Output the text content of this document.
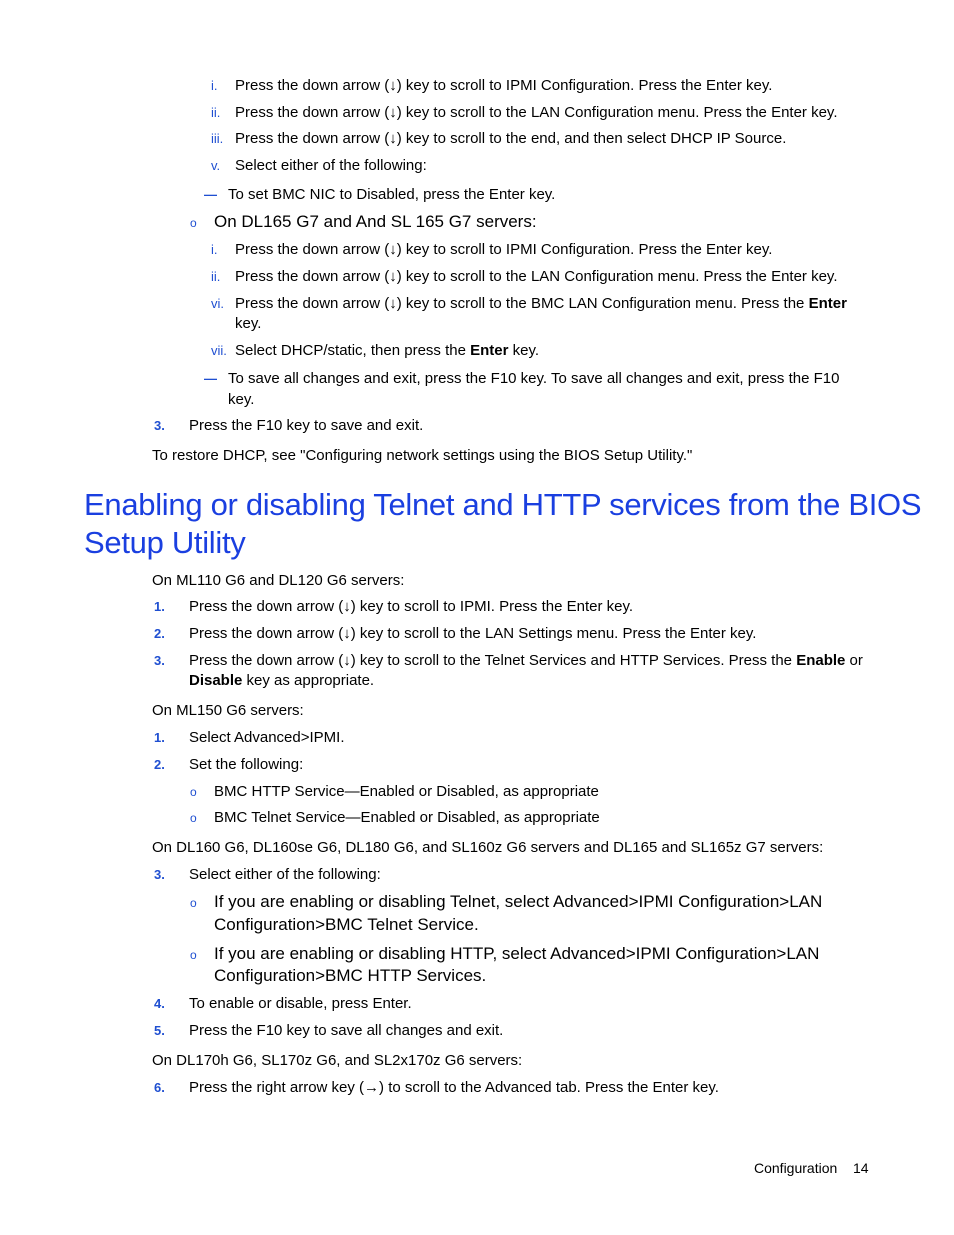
i. Press the down arrow (↓) key to scroll to IPMI Configuration. Press the Enter key.
ii. Press the down arrow (↓) key to scroll to the LAN Configuration menu. Press the Enter key.
iii. Press the down arrow (↓) key to scroll to the end, and then select DHCP IP Source.
v. Select either of the following:
— To set BMC NIC to Disabled, press the Enter key.
o On DL165 G7 and And SL 165 G7 servers:
i. Press the down arrow (↓) key to scroll to IPMI Configuration. Press the Enter key.
ii. Press the down arrow (↓) key to scroll to the LAN Configuration menu. Press the Enter key.
vi. Press the down arrow (↓) key to scroll to the BMC LAN Configuration menu. Press the Enter
key.
vii. Select DHCP/static, then press the Enter key.
— To save all changes and exit, press the F10 key. To save all changes and exit, press the F10
key.
3. Press the F10 key to save and exit.
To restore DHCP, see "Configuring network settings using the BIOS Setup Utility."
Enabling or disabling Telnet and HTTP services from the BIOS
Setup Utility
On ML110 G6 and DL120 G6 servers:
1. Press the down arrow (↓) key to scroll to IPMI. Press the Enter key.
2. Press the down arrow (↓) key to scroll to the LAN Settings menu. Press the Enter key.
3. Press the down arrow (↓) key to scroll to the Telnet Services and HTTP Services. Press the Enable or
Disable key as appropriate.
On ML150 G6 servers:
1. Select Advanced>IPMI.
2. Set the following:
o BMC HTTP Service—Enabled or Disabled, as appropriate
o BMC Telnet Service—Enabled or Disabled, as appropriate
On DL160 G6, DL160se G6, DL180 G6, and SL160z G6 servers and DL165 and SL165z G7 servers:
3. Select either of the following:
o If you are enabling or disabling Telnet, select Advanced>IPMI Configuration>LAN
Configuration>BMC Telnet Service.
o If you are enabling or disabling HTTP, select Advanced>IPMI Configuration>LAN
Configuration>BMC HTTP Services.
4. To enable or disable, press Enter.
5. Press the F10 key to save all changes and exit.
On DL170h G6, SL170z G6, and SL2x170z G6 servers:
6. Press the right arrow key (→) to scroll to the Advanced tab. Press the Enter key.
Configuration 14
